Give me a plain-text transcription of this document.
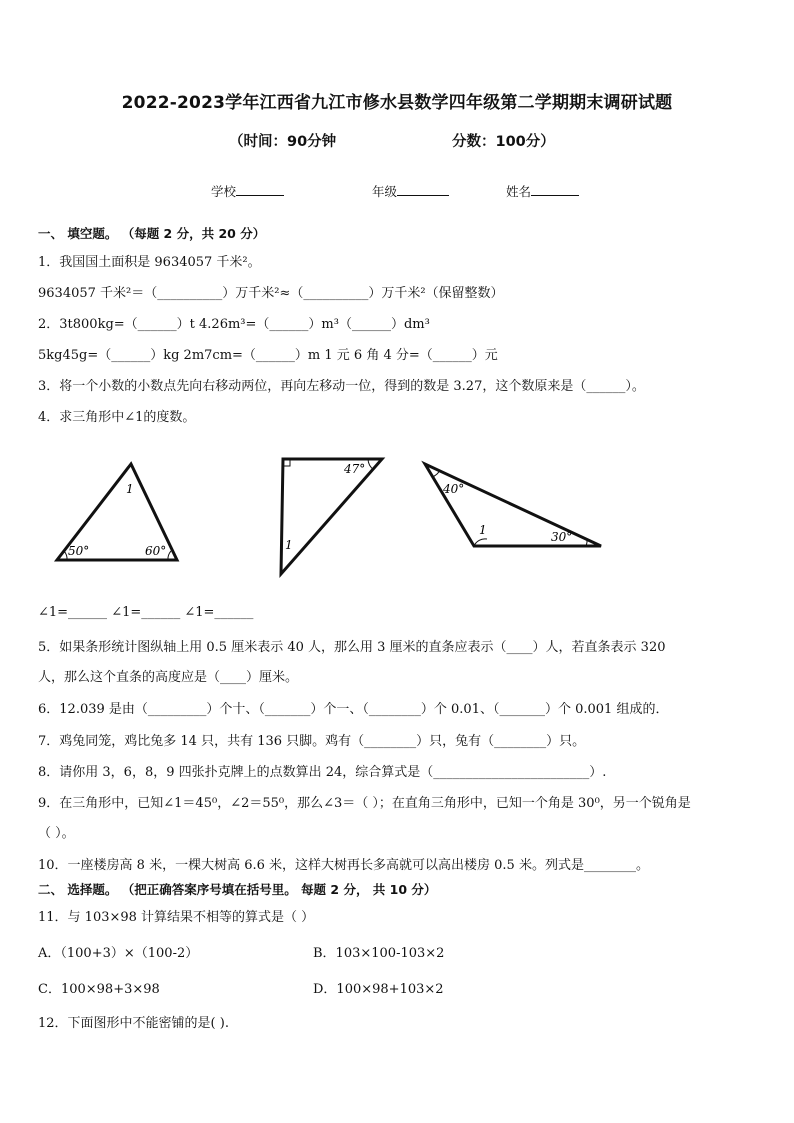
2022-2023学年江西省九江市修水县数学四年级第二学期期末调研试题
（时间：90分钟	分数：100分）
学校	年级	姓名
一、 填空题。 （每题 2 分，共 20 分）
1．我国国土面积是 9634057 千米²。
9634057 千米²＝（__________）万千米²≈（__________）万千米²（保留整数）
2．3t800kg=（______）t 4.26m³=（______）m³（______）dm³
5kg45g=（______）kg 2m7cm=（______）m 1 元 6 角 4 分=（______）元
3．将一个小数的小数点先向右移动两位，再向左移动一位，得到的数是 3.27，这个数原来是（______）。
4．求三角形中∠1的度数。
1
50°	60°
47°
1
40°
1	30°
∠1=______ ∠1=______ ∠1=______
5．如果条形统计图纵轴上用 0.5 厘米表示 40 人，那么用 3 厘米的直条应表示（____）人，若直条表示 320
人，那么这个直条的高度应是（____）厘米。
6．12.039 是由（_________）个十、（_______）个一、（________）个 0.01、（_______）个 0.001 组成的．
7．鸡兔同笼，鸡比兔多 14 只，共有 136 只脚。鸡有（________）只，兔有（________）只。
8．请你用 3，6，8，9 四张扑克牌上的点数算出 24，综合算式是（________________________）.
9．在三角形中，已知∠1＝45⁰，∠2＝55⁰，那么∠3＝（ ）；在直角三角形中，已知一个角是 30⁰，另一个锐角是
（ ）。
10．一座楼房高 8 米，一棵大树高 6.6 米，这样大树再长多高就可以高出楼房 0.5 米。列式是________。
二、 选择题。 （把正确答案序号填在括号里。 每题 2 分， 共 10 分）
11．与 103×98 计算结果不相等的算式是（ ）
A．（100+3）×（100-2）	B．103×100-103×2
C．100×98+3×98	D．100×98+103×2
12．下面图形中不能密铺的是( ).
